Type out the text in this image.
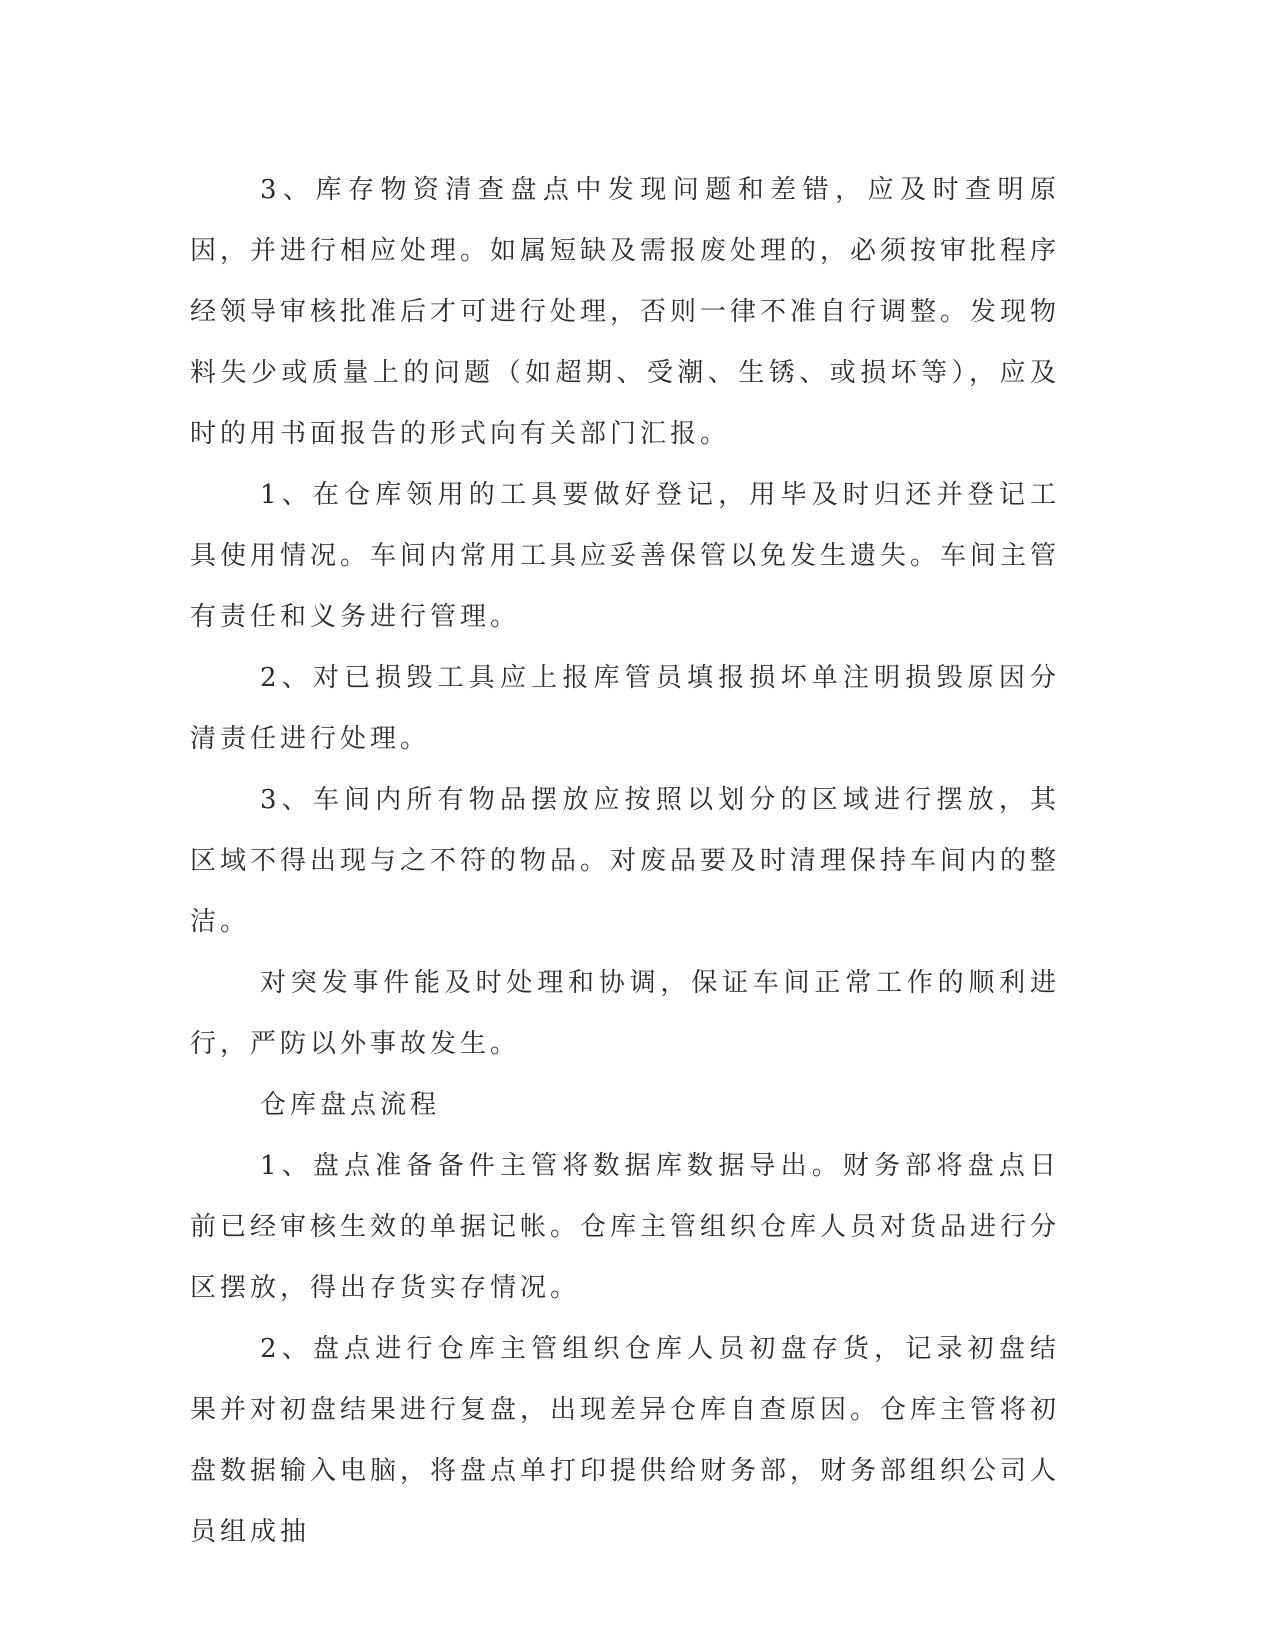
3、库存物资清查盘点中发现问题和差错，应及时查明原因，并进行相应处理。如属短缺及需报废处理的，必须按审批程序经领导审核批准后才可进行处理，否则一律不准自行调整。发现物料失少或质量上的问题（如超期、受潮、生锈、或损坏等），应及时的用书面报告的形式向有关部门汇报。

1、在仓库领用的工具要做好登记，用毕及时归还并登记工具使用情况。车间内常用工具应妥善保管以免发生遗失。车间主管有责任和义务进行管理。

2、对已损毁工具应上报库管员填报损坏单注明损毁原因分清责任进行处理。

3、车间内所有物品摆放应按照以划分的区域进行摆放，其区域不得出现与之不符的物品。对废品要及时清理保持车间内的整洁。

对突发事件能及时处理和协调，保证车间正常工作的顺利进行，严防以外事故发生。

仓库盘点流程

1、盘点准备备件主管将数据库数据导出。财务部将盘点日前已经审核生效的单据记帐。仓库主管组织仓库人员对货品进行分区摆放，得出存货实存情况。

2、盘点进行仓库主管组织仓库人员初盘存货，记录初盘结果并对初盘结果进行复盘，出现差异仓库自查原因。仓库主管将初盘数据输入电脑，将盘点单打印提供给财务部，财务部组织公司人员组成抽
